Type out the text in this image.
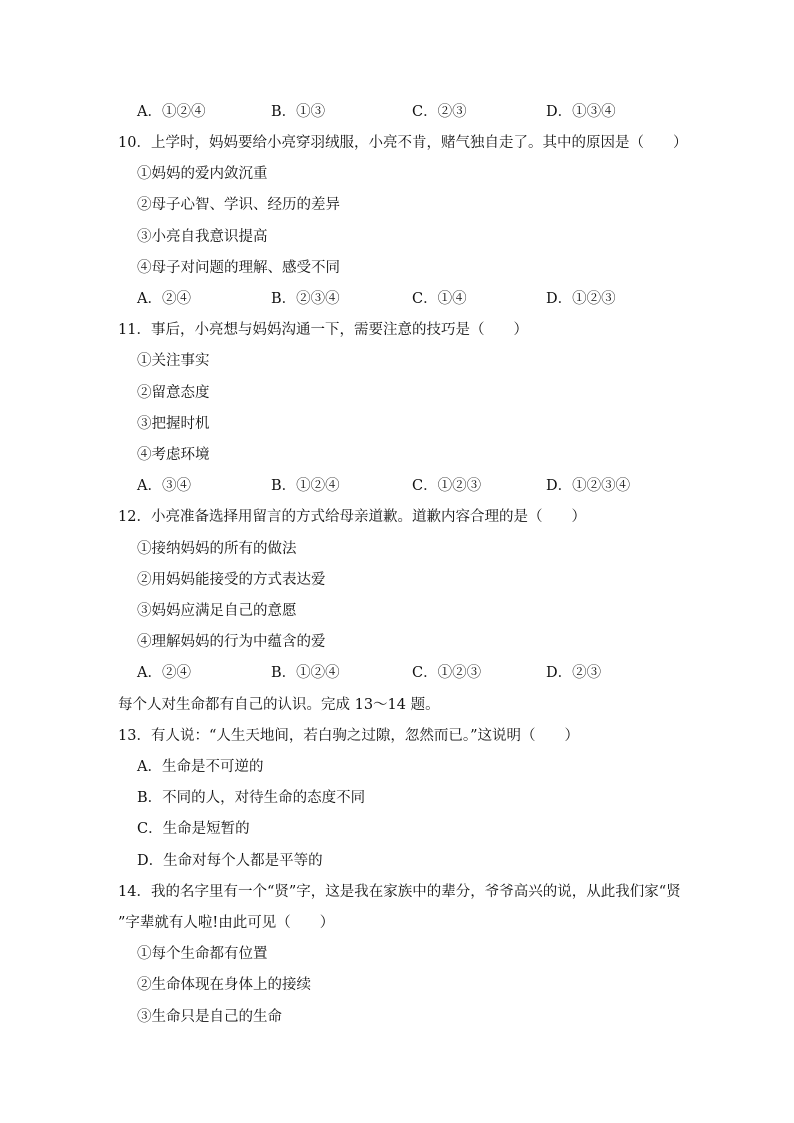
A．①②④	B．①③	C．②③	D．①③④
10．上学时，妈妈要给小亮穿羽绒服，小亮不肯，赌气独自走了。其中的原因是（　　）
①妈妈的爱内敛沉重
②母子心智、学识、经历的差异
③小亮自我意识提高
④母子对问题的理解、感受不同
A．②④	B．②③④	C．①④	D．①②③
11．事后，小亮想与妈妈沟通一下，需要注意的技巧是（　　）
①关注事实
②留意态度
③把握时机
④考虑环境
A．③④	B．①②④	C．①②③	D．①②③④
12．小亮准备选择用留言的方式给母亲道歉。道歉内容合理的是（　　）
①接纳妈妈的所有的做法
②用妈妈能接受的方式表达爱
③妈妈应满足自己的意愿
④理解妈妈的行为中蕴含的爱
A．②④	B．①②④	C．①②③	D．②③
每个人对生命都有自己的认识。完成 13～14 题。
13．有人说：“人生天地间，若白驹之过隙，忽然而已。”这说明（　　）
A．生命是不可逆的
B．不同的人，对待生命的态度不同
C．生命是短暂的
D．生命对每个人都是平等的
14．我的名字里有一个“贤”字，这是我在家族中的辈分，爷爷高兴的说，从此我们家“贤
”字辈就有人啦!由此可见（　　）
①每个生命都有位置
②生命体现在身体上的接续
③生命只是自己的生命
